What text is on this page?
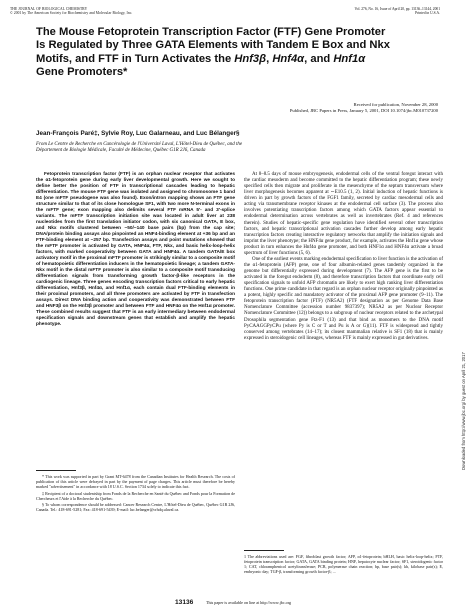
THE JOURNAL OF BIOLOGICAL CHEMISTRY
© 2001 by The American Society for Biochemistry and Molecular Biology, Inc.
Vol. 276, No. 16, Issue of April 20, pp. 13136–13144, 2001
Printed in U.S.A.
The Mouse Fetoprotein Transcription Factor (FTF) Gene Promoter
Is Regulated by Three GATA Elements with Tandem E Box and Nkx
Motifs, and FTF in Turn Activates the Hnf3β, Hnf4α, and Hnf1α
Gene Promoters*
Received for publication, November 28, 2000
Published, JBC Papers in Press, January 5, 2001, DOI 10.1074/jbc.M010737200
Jean-François Paré‡, Sylvie Roy, Luc Galarneau, and Luc Bélanger§
From Le Centre de Recherche en Cancérologie de l'Université Laval, L'Hôtel-Dieu de Québec, and the
Département de Biologie Médicale, Faculté de Médecine, Québec G1R 2J6, Canada

Fetoprotein transcription factor (FTF) is an orphan nuclear receptor that activates the α1-fetoprotein gene during early liver developmental growth. Here we sought to define better the position of FTF in transcriptional cascades leading to hepatic differentiation. The mouse FTF gene was isolated and assigned to chromosome 1 band E4 (one mFTF pseudogene was also found). Exon/intron mapping shows an FTF gene structure similar to that of its close homologue SF1, with two more N-terminal exons in the mFTF gene; exon mapping also delimits several FTF mRNA 5′- and 3′-splice variants. The mFTF transcription initiation site was located in adult liver at 238 nucleotides from the first translation initiator codon, with six canonical GATA, E box, and Nkx motifs clustered between −50/−140 base pairs (bp) from the cap site; DNA/protein binding assays also pinpointed an HNF4-binding element at +36 bp and an FTF-binding element at −257 bp. Transfection assays and point mutations showed that the mFTF promoter is activated by GATA, HNF4α, FTF, Nkx, and basic helix-loop-helix factors, with marked cooperativity between GATA and HNF4α. A tandem GATA/E box activatory motif in the proximal mFTF promoter is strikingly similar to a composite motif of hematopoietic differentiation inducers in the hematopoietic lineage; a tandem GATA-Nkx motif in the distal mFTF promoter is also similar to a composite motif transducing differentiation signals from transforming growth factor-β-like receptors in the cardiogenic lineage. Three genes encoding transcription factors critical to early hepatic differentiation, Hnf3β, Hnf4α, and Hnf1α, each contain dual FTF-binding elements in their proximal promoters, and all three promoters are activated by FTF in transfection assays. Direct DNA binding action and cooperativity was demonstrated between FTF and HNF3β on the Hnf3β promoter and between FTF and HNF4α on the Hnf1α promoter. These combined results suggest that FTF is an early intermediary between endodermal specification signals and downstream genes that establish and amplify the hepatic phenotype.

* This work was supported in part by Grant MT-6478 from the Canadian Institutes for Health Research. The costs of publication of this article were defrayed in part by the payment of page charges. This article must therefore be hereby marked "advertisement" in accordance with 18 U.S.C. Section 1734 solely to indicate this fact.

‡ Recipient of a doctoral studentship from Fonds de la Recherche en Santé du Québec and Fonds pour la Formation de Chercheurs et l'Aide à la Recherche du Québec.

§ To whom correspondence should be addressed: Cancer Research Centre, L'Hôtel-Dieu de Québec, Québec G1R 2J6, Canada. Tel.: 418-691-5281; Fax: 418-691-5439; E-mail: luc.belanger@crhdq.ulaval.ca.

At 8–8.5 days of mouse embryogenesis, endodermal cells of the ventral foregut interact with the cardiac mesoderm and become committed to the hepatic differentiation program; these newly specified cells then migrate and proliferate in the mesenchyme of the septum transversum where liver morphogenesis becomes apparent at ∼E10.5 (1, 2). Initial induction of hepatic functions is driven in part by growth factors of the FGF1 family, secreted by cardiac mesodermal cells and acting via transmembrane receptor kinases at the endodermal cell surface (3). The process also involves potentiating transcription factors among which GATA factors appear essential to endodermal determination across vertebrates as well as invertebrates (Ref. 4 and references therein). Studies of hepatic-specific gene regulation have identified several other transcription factors, and hepatic transcriptional activation cascades further develop among early hepatic transcription factors creating interactive regulatory networks that amplify the initiation signals and imprint the liver phenotype; the HNF4α gene product, for example, activates the Hnf1α gene whose product in turn enhances the Hnf4α gene promoter, and both HNF1α and HNF4α activate a broad spectrum of liver functions (5, 6).

One of the earliest events marking endodermal specification to liver function is the activation of the α1-fetoprotein (AFP) gene, one of four albumin-related genes tandemly organized in the genome but differentially expressed during development (7). The AFP gene is the first to be activated in the foregut endoderm (8), and therefore transcription factors that coordinate early cell specification signals to unfold AFP chromatin are likely to exert high ranking liver differentiation functions. One prime candidate in that regard is an orphan nuclear receptor originally pinpointed as a potent, highly specific and mandatory activator of the proximal AFP gene promoter (9–11). The fetoprotein transcription factor (FTF) (NR5A2) (FTF designation as per Genome Data Base Nomenclature Committee (accession number 9837397); NR5A2 as per Nuclear Receptor Nomenclature Committee (12)) belongs to a subgroup of nuclear receptors related to the archetypal Drosophila segmentation gene Ftz-F1 (13) and that bind as monomers to the DNA motif PyCAAGGPyCPu (where Py is C or T and Pu is A or G)(11). FTF is widespread and tightly conserved among vertebrates (14–17); its closest mammalian relative is SF1 (18) that is mainly expressed in steroidogenic cell lineages, whereas FTF is mainly expressed in gut derivatives.

1 The abbreviations used are: FGF, fibroblast growth factor; AFP, α1-fetoprotein; bHLH, basic helix-loop-helix; FTF, fetoprotein transcription factor; GATA, GATA binding protein; HNF, hepatocyte nuclear factor; SF1, steroidogenic factor 1; CAT, chloramphenicol acetyltransferase; PCR, polymerase chain reaction; bp, base pair(s); kb, kilobase pair(s); E, embryonic day; TGF-β, transforming growth factor-β; ...
Downloaded from http://www.jbc.org/ by guest on April 21, 2017
13136	This paper is available on line at http://www.jbc.org
